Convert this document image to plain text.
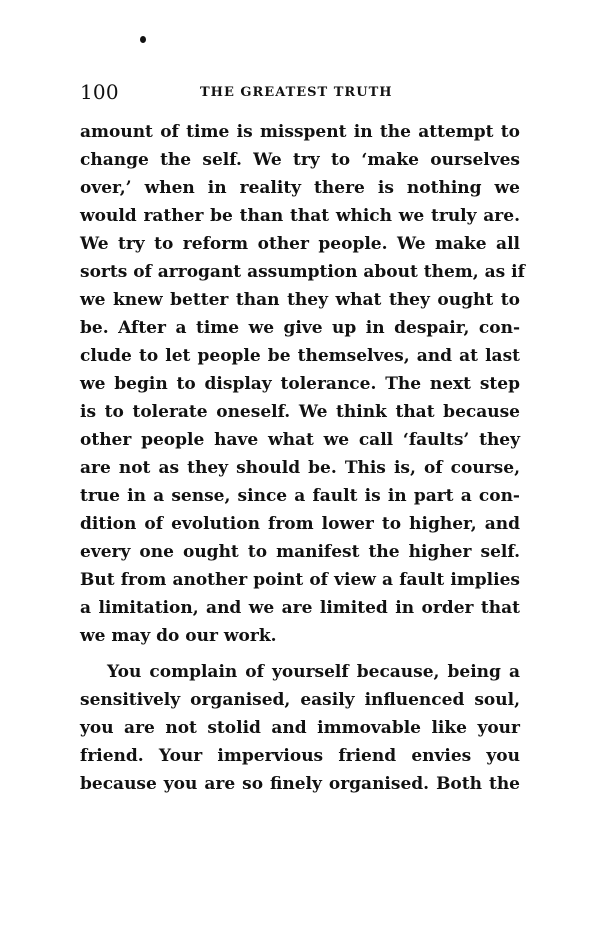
100	THE GREATEST TRUTH
amount of time is misspent in the attempt to
change the self. We try to ‘make ourselves
over,’ when in reality there is nothing we
would rather be than that which we truly are.
We try to reform other people. We make all
sorts of arrogant assumption about them, as if
we knew better than they what they ought to
be. After a time we give up in despair, con-
clude to let people be themselves, and at last
we begin to display tolerance. The next step
is to tolerate oneself. We think that because
other people have what we call ‘faults’ they
are not as they should be. This is, of course,
true in a sense, since a fault is in part a con-
dition of evolution from lower to higher, and
every one ought to manifest the higher self.
But from another point of view a fault implies
a limitation, and we are limited in order that
we may do our work.
You complain of yourself because, being a
sensitively organised, easily influenced soul,
you are not stolid and immovable like your
friend. Your impervious friend envies you
because you are so finely organised. Both the
